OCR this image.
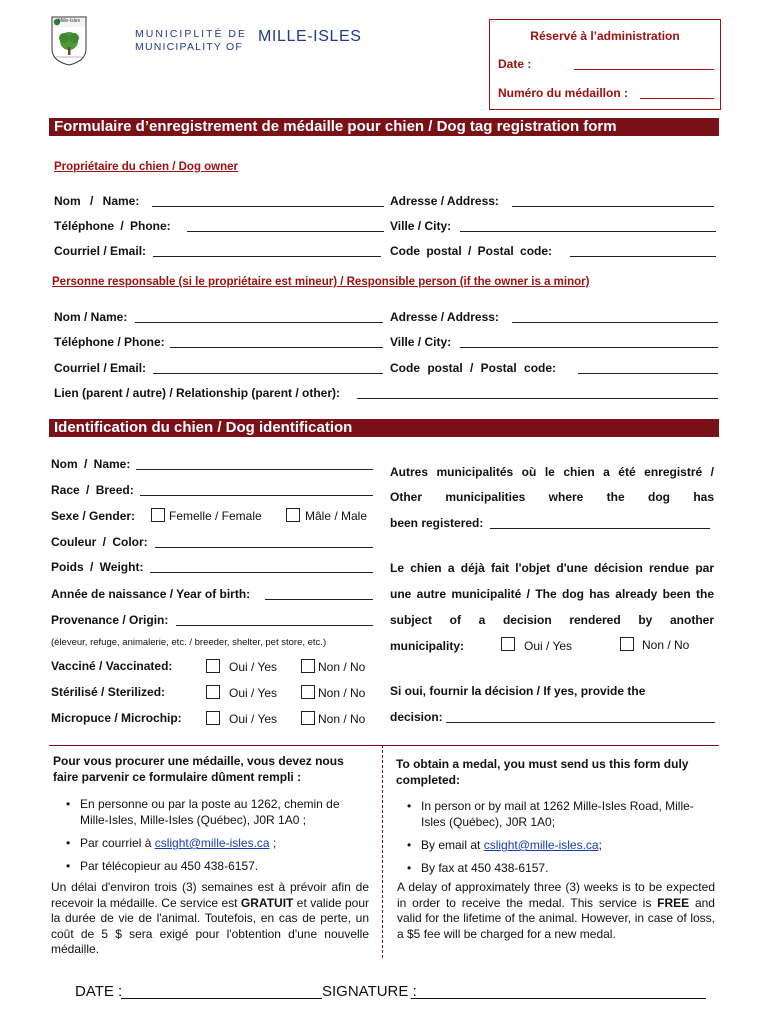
Mille-Isles
MUNICIPLITÉ DE
MUNICIPALITY OF
MILLE-ISLES	Réservé à l’administration
Date :
Numéro du médaillon :
Formulaire d’enregistrement de médaille pour chien / Dog tag registration form
Propriétaire du chien / Dog owner
Nom / Name:	Adresse / Address:
Téléphone / Phone:	Ville / City:
Courriel / Email:	Code postal / Postal code:
Personne responsable (si le propriétaire est mineur) / Responsible person (if the owner is a minor)
Nom / Name:	Adresse / Address:
Téléphone / Phone:	Ville / City:
Courriel / Email:	Code postal / Postal code:
Lien (parent / autre) / Relationship (parent / other):
Identification du chien / Dog identification
Nom / Name:
Race / Breed:
Sexe / Gender:	Femelle / Female	Mâle / Male
Couleur / Color:
Poids / Weight:
Année de naissance / Year of birth:
Provenance / Origin:
(éleveur, refuge, animalerie, etc. / breeder, shelter, pet store, etc.)
Vacciné / Vaccinated:	Oui / Yes	Non / No
Stérilisé / Sterilized:	Oui / Yes	Non / No
Micropuce / Microchip:	Oui / Yes	Non / No
Autres municipalités où le chien a été enregistré /
Other municipalities where the dog has
been registered:
Le chien a déjà fait l'objet d'une décision rendue par
une autre municipalité / The dog has already been the
subject of a decision rendered by another
municipality:	Oui / Yes	Non / No
Si oui, fournir la décision / If yes, provide the
decision:
Pour vous procurer une médaille, vous devez nous faire parvenir ce formulaire dûment rempli :
• En personne ou par la poste au 1262, chemin de Mille-Isles, Mille-Isles (Québec), J0R 1A0 ;
• Par courriel à cslight@mille-isles.ca ;
• Par télécopieur au 450 438-6157.
Un délai d'environ trois (3) semaines est à prévoir afin de recevoir la médaille. Ce service est GRATUIT et valide pour la durée de vie de l'animal. Toutefois, en cas de perte, un coût de 5 $ sera exigé pour l'obtention d'une nouvelle médaille.
To obtain a medal, you must send us this form duly completed:
• In person or by mail at 1262 Mille-Isles Road, Mille-Isles (Québec), J0R 1A0;
• By email at cslight@mille-isles.ca;
• By fax at 450 438-6157.
A delay of approximately three (3) weeks is to be expected in order to receive the medal. This service is FREE and valid for the lifetime of the animal. However, in case of loss, a $5 fee will be charged for a new medal.
DATE :	SIGNATURE :
